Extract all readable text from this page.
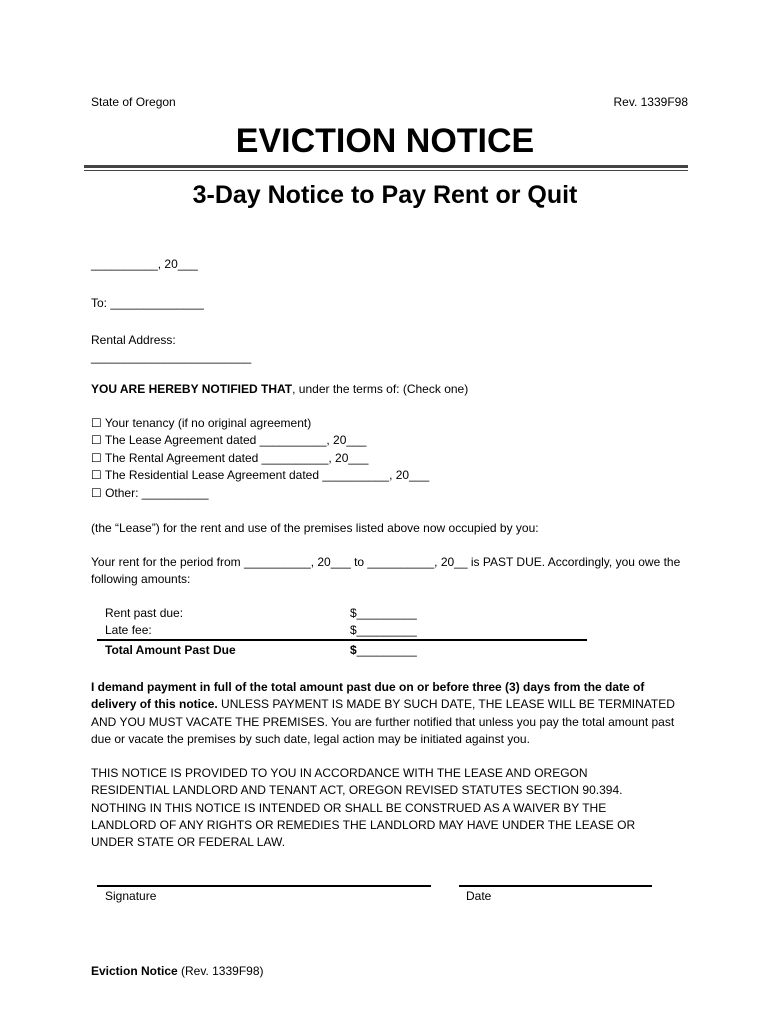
State of Oregon	Rev. 1339F98
EVICTION NOTICE
3-Day Notice to Pay Rent or Quit
__________, 20___
To: ______________
Rental Address:
________________________
YOU ARE HEREBY NOTIFIED THAT, under the terms of: (Check one)
☐ Your tenancy (if no original agreement)
☐ The Lease Agreement dated __________, 20___
☐ The Rental Agreement dated __________, 20___
☐ The Residential Lease Agreement dated __________, 20___
☐ Other: __________
(the “Lease”) for the rent and use of the premises listed above now occupied by you:
Your rent for the period from __________, 20___ to __________, 20__ is PAST DUE. Accordingly, you owe the following amounts:
Rent past due:	$_________
Late fee:	$_________
Total Amount Past Due	$_________
I demand payment in full of the total amount past due on or before three (3) days from the date of delivery of this notice. UNLESS PAYMENT IS MADE BY SUCH DATE, THE LEASE WILL BE TERMINATED AND YOU MUST VACATE THE PREMISES. You are further notified that unless you pay the total amount past due or vacate the premises by such date, legal action may be initiated against you.
THIS NOTICE IS PROVIDED TO YOU IN ACCORDANCE WITH THE LEASE AND OREGON RESIDENTIAL LANDLORD AND TENANT ACT, OREGON REVISED STATUTES SECTION 90.394. NOTHING IN THIS NOTICE IS INTENDED OR SHALL BE CONSTRUED AS A WAIVER BY THE LANDLORD OF ANY RIGHTS OR REMEDIES THE LANDLORD MAY HAVE UNDER THE LEASE OR UNDER STATE OR FEDERAL LAW.
Signature	Date
Eviction Notice (Rev. 1339F98)
